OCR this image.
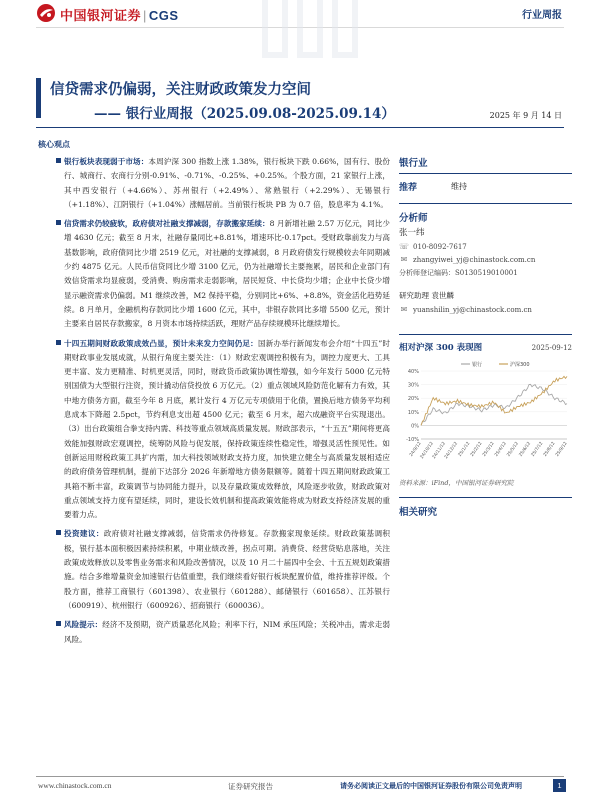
中国银河证券 | CGS	行业周报
信贷需求仍偏弱，关注财政政策发力空间
—— 银行业周报（2025.09.08-2025.09.14）	2025 年 9 月 14 日
核心观点
银行板块表现弱于市场：本周沪深 300 指数上涨 1.38%，银行板块下跌 0.66%，国有行、股份行、城商行、农商行分别-0.91%、-0.71%、-0.25%、+0.25%。个股方面，21 家银行上涨，其中西安银行（+4.66%）、苏州银行（+2.49%）、常熟银行（+2.29%）、无锡银行（+1.18%）、江阴银行（+1.04%）涨幅居前。当前银行板块 PB 为 0.7 倍，股息率为 4.1%。
信贷需求仍较疲软，政府债对社融支撑减弱，存款搬家延续：8 月新增社融 2.57 万亿元，同比少增 4630 亿元；截至 8 月末，社融存量同比+8.81%，增速环比-0.17pct。受财政靠前发力与高基数影响，政府债同比少增 2519 亿元，对社融的支撑减弱，8 月政府债发行规模较去年同期减少约 4875 亿元。人民币信贷同比少增 3100 亿元，仍为社融增长主要拖累，居民和企业部门有效信贷需求均显疲弱，受消费、购房需求走弱影响，居民短贷、中长贷均少增；企业中长贷少增显示融资需求仍偏弱。M1 继续改善，M2 保持平稳，分别同比+6%、+8.8%，资金活化趋势延续。8 月单月，金融机构存款同比少增 1600 亿元，其中，非银存款同比多增 5500 亿元，预计主要来自居民存款搬家，8 月资本市场持续活跃，理财产品存续规模环比继续增长。
十四五期间财政政策成效凸显，预计未来发力空间仍足：国新办举行新闻发布会介绍“十四五”时期财政事业发展成就，从银行角度主要关注：（1）财政宏观调控积极有为，调控力度更大、工具更丰富、发力更精准、时机更灵活，同时，财政货币政策协调性增强，如今年发行 5000 亿元特别国债为大型银行注资，预计撬动信贷投放 6 万亿元。（2）重点领域风险防范化解有力有效，其中地方债务方面，截至今年 8 月底，累计发行 4 万亿元专项债用于化债，置换后地方债务平均利息成本下降超 2.5pct，节约利息支出超 4500 亿元；截至 6 月末，超六成融资平台实现退出。（3）出台政策组合拳支持内需、科技等重点领域高质量发展。财政部表示，“十五五”期间将更高效能加强财政宏观调控，统筹防风险与促发展，保持政策连续性稳定性，增强灵活性预见性。如创新运用财税政策工具扩内需，加大科技领域财政支持力度，加快建立健全与高质量发展相适应的政府债务管理机制，提前下达部分 2026 年新增地方债务限额等。随着十四五期间财政政策工具箱不断丰富，政策调节与协同能力提升，以及存量政策成效释放，风险逐步收敛，财政政策对重点领域支持力度有望延续，同时，建设长效机制和提高政策效能将成为财政支持经济发展的重要着力点。
投资建议：政府债对社融支撑减弱，信贷需求仍待修复。存款搬家现象延续。财政政策基调积极，银行基本面积极因素持续积累，中期业绩改善，拐点可期。消费贷、经营贷贴息落地，关注政策成效释放以及零售业务需求和风险改善情况，以及 10 月二十届四中全会、十五五规划政策措施。结合多维增量资金加速银行估值重塑，我们继续看好银行板块配置价值，维持推荐评级。个股方面，推荐工商银行（601398）、农业银行（601288）、邮储银行（601658）、江苏银行（600919）、杭州银行（600926）、招商银行（600036）。
风险提示：经济不及预期，资产质量恶化风险；利率下行，NIM 承压风险；关税冲击，需求走弱风险。
银行业
推荐	维持
分析师
张一纬
☏ 010-8092-7617
✉ zhangyiwei_yj@chinastock.com.cn
分析师登记编码：S0130519010001
研究助理 袁世麟
✉ yuanshilin_yj@chinastock.com.cn
相对沪深 300 表现图	2025-09-12
40%
30%
20%
10%
0%
-10%
24/9/12
24/10/12
24/11/12
24/12/12
25/1/12
25/2/12
25/3/12
25/4/12
25/5/12
25/6/12
25/7/12
25/8/12
25/9/12
银行	沪深300
资料来源：iFind，中国银河证券研究院
相关研究
www.chinastock.com.cn	证券研究报告	请务必阅读正文最后的中国银河证券股份有限公司免责声明	1
